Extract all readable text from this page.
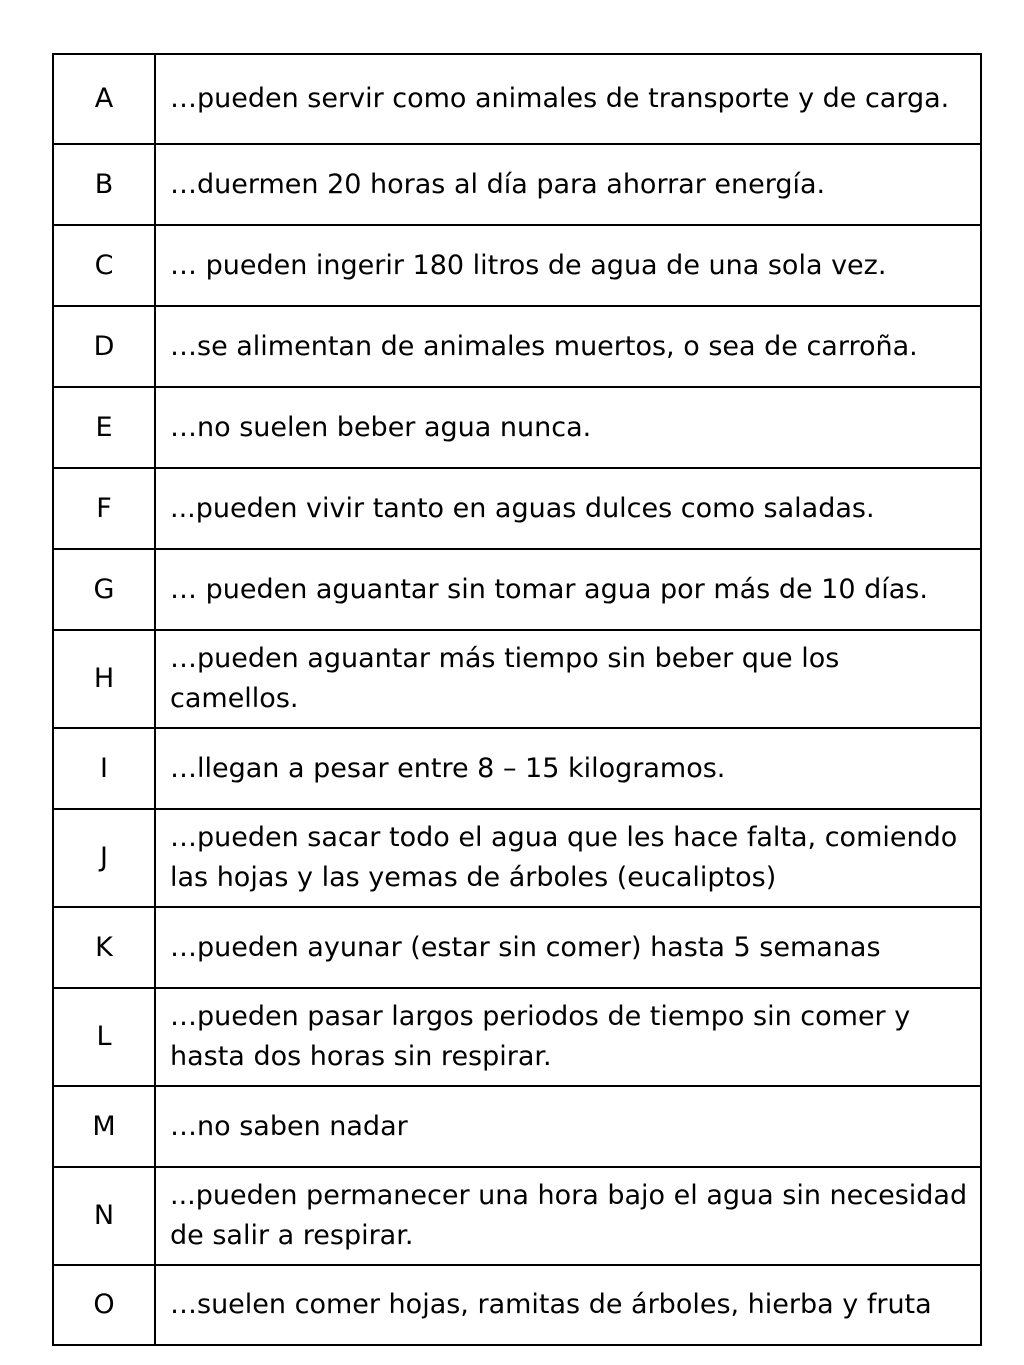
A	…pueden servir como animales de transporte y de carga.
B	…duermen 20 horas al día para ahorrar energía.
C	… pueden ingerir 180 litros de agua de una sola vez.
D	…se alimentan de animales muertos, o sea de carroña.
E	…no suelen beber agua nunca.
F	...pueden vivir tanto en aguas dulces como saladas.
G	… pueden aguantar sin tomar agua por más de 10 días.
H	…pueden aguantar más tiempo sin beber que los camellos.
I	…llegan a pesar entre 8 – 15 kilogramos.
J	…pueden sacar todo el agua que les hace falta, comiendo las hojas y las yemas de árboles (eucaliptos)
K	…pueden ayunar (estar sin comer) hasta 5 semanas
L	…pueden pasar largos periodos de tiempo sin comer y hasta dos horas sin respirar.
M	…no saben nadar
N	...pueden permanecer una hora bajo el agua sin necesidad de salir a respirar.
O	…suelen comer hojas, ramitas de árboles, hierba y fruta
